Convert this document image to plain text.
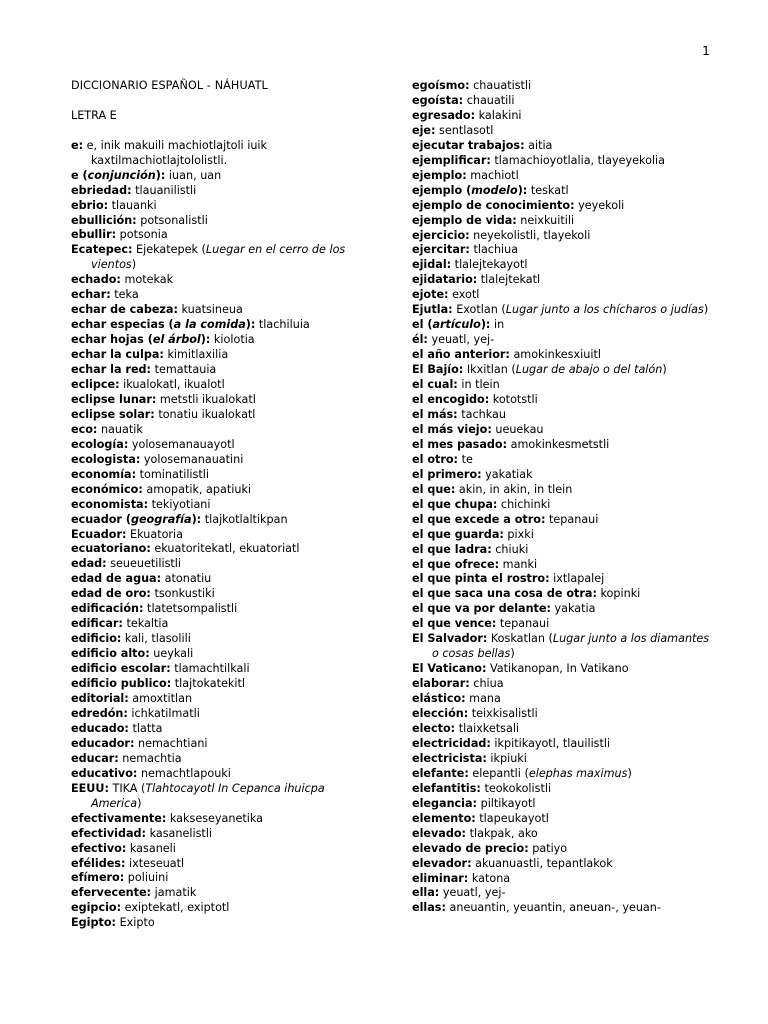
1
DICCIONARIO ESPAÑOL - NÁHUATL
LETRA E
e: e, inik makuili machiotlajtoli iuik kaxtilmachiotlajtololistli.
e (conjunción): iuan, uan
ebriedad: tlauanilistli
ebrio: tlauanki
ebullición: potsonalistli
ebullir: potsonia
Ecatepec: Ejekatepek (Luegar en el cerro de los vientos)
echado: motekak
echar: teka
echar de cabeza: kuatsineua
echar especias (a la comida): tlachiluia
echar hojas (el árbol): kiolotia
echar la culpa: kimitlaxilia
echar la red: temattauia
eclipce: ikualokatl, ikualotl
eclipse lunar: metstli ikualokatl
eclipse solar: tonatiu ikualokatl
eco: nauatik
ecología: yolosemanauayotl
ecologista: yolosemanauatini
economía: tominatilistli
económico: amopatik, apatiuki
economista: tekiyotiani
ecuador (geografía): tlajkotlaltikpan
Ecuador: Ekuatoria
ecuatoriano: ekuatoritekatl, ekuatoriatl
edad: seueuetilistli
edad de agua: atonatiu
edad de oro: tsonkustiki
edificación: tlatetsompalistli
edificar: tekaltia
edificio: kali, tlasolili
edificio alto: ueykali
edificio escolar: tlamachtilkali
edificio publico: tlajtokatekitl
editorial: amoxtitlan
edredón: ichkatilmatli
educado: tlatta
educador: nemachtiani
educar: nemachtia
educativo: nemachtlapouki
EEUU: TIKA (Tlahtocayotl In Cepanca ihuicpa America)
efectivamente: kakseseyanetika
efectividad: kasanelistli
efectivo: kasaneli
efélides: ixteseuatl
efímero: poliuini
efervecente: jamatik
egipcio: exiptekatl, exiptotl
Egipto: Exipto
egoísmo: chauatistli
egoísta: chauatili
egresado: kalakini
eje: sentlasotl
ejecutar trabajos: aitia
ejemplificar: tlamachioyotlalia, tlayeyekolia
ejemplo: machiotl
ejemplo (modelo): teskatl
ejemplo de conocimiento: yeyekoli
ejemplo de vida: neixkuitili
ejercicio: neyekolistli, tlayekoli
ejercitar: tlachiua
ejidal: tlalejtekayotl
ejidatario: tlalejtekatl
ejote: exotl
Ejutla: Exotlan (Lugar junto a los chícharos o judías)
el (artículo): in
él: yeuatl, yej-
el año anterior: amokinkesxiuitl
El Bajío: Ikxitlan (Lugar de abajo o del talón)
el cual: in tlein
el encogido: kototstli
el más: tachkau
el más viejo: ueuekau
el mes pasado: amokinkesmetstli
el otro: te
el primero: yakatiak
el que: akin, in akin, in tlein
el que chupa: chichinki
el que excede a otro: tepanaui
el que guarda: pixki
el que ladra: chiuki
el que ofrece: manki
el que pinta el rostro: ixtlapalej
el que saca una cosa de otra: kopinki
el que va por delante: yakatia
el que vence: tepanaui
El Salvador: Koskatlan (Lugar junto a los diamantes o cosas bellas)
El Vaticano: Vatikanopan, In Vatikano
elaborar: chiua
elástico: mana
elección: teixkisalistli
electo: tlaixketsali
electricidad: ikpitikayotl, tlauilistli
electricista: ikpiuki
elefante: elepantli (elephas maximus)
elefantitis: teokokolistli
elegancia: piltikayotl
elemento: tlapeukayotl
elevado: tlakpak, ako
elevado de precio: patiyo
elevador: akuanuastli, tepantlakok
eliminar: katona
ella: yeuatl, yej-
ellas: aneuantin, yeuantin, aneuan-, yeuan-
